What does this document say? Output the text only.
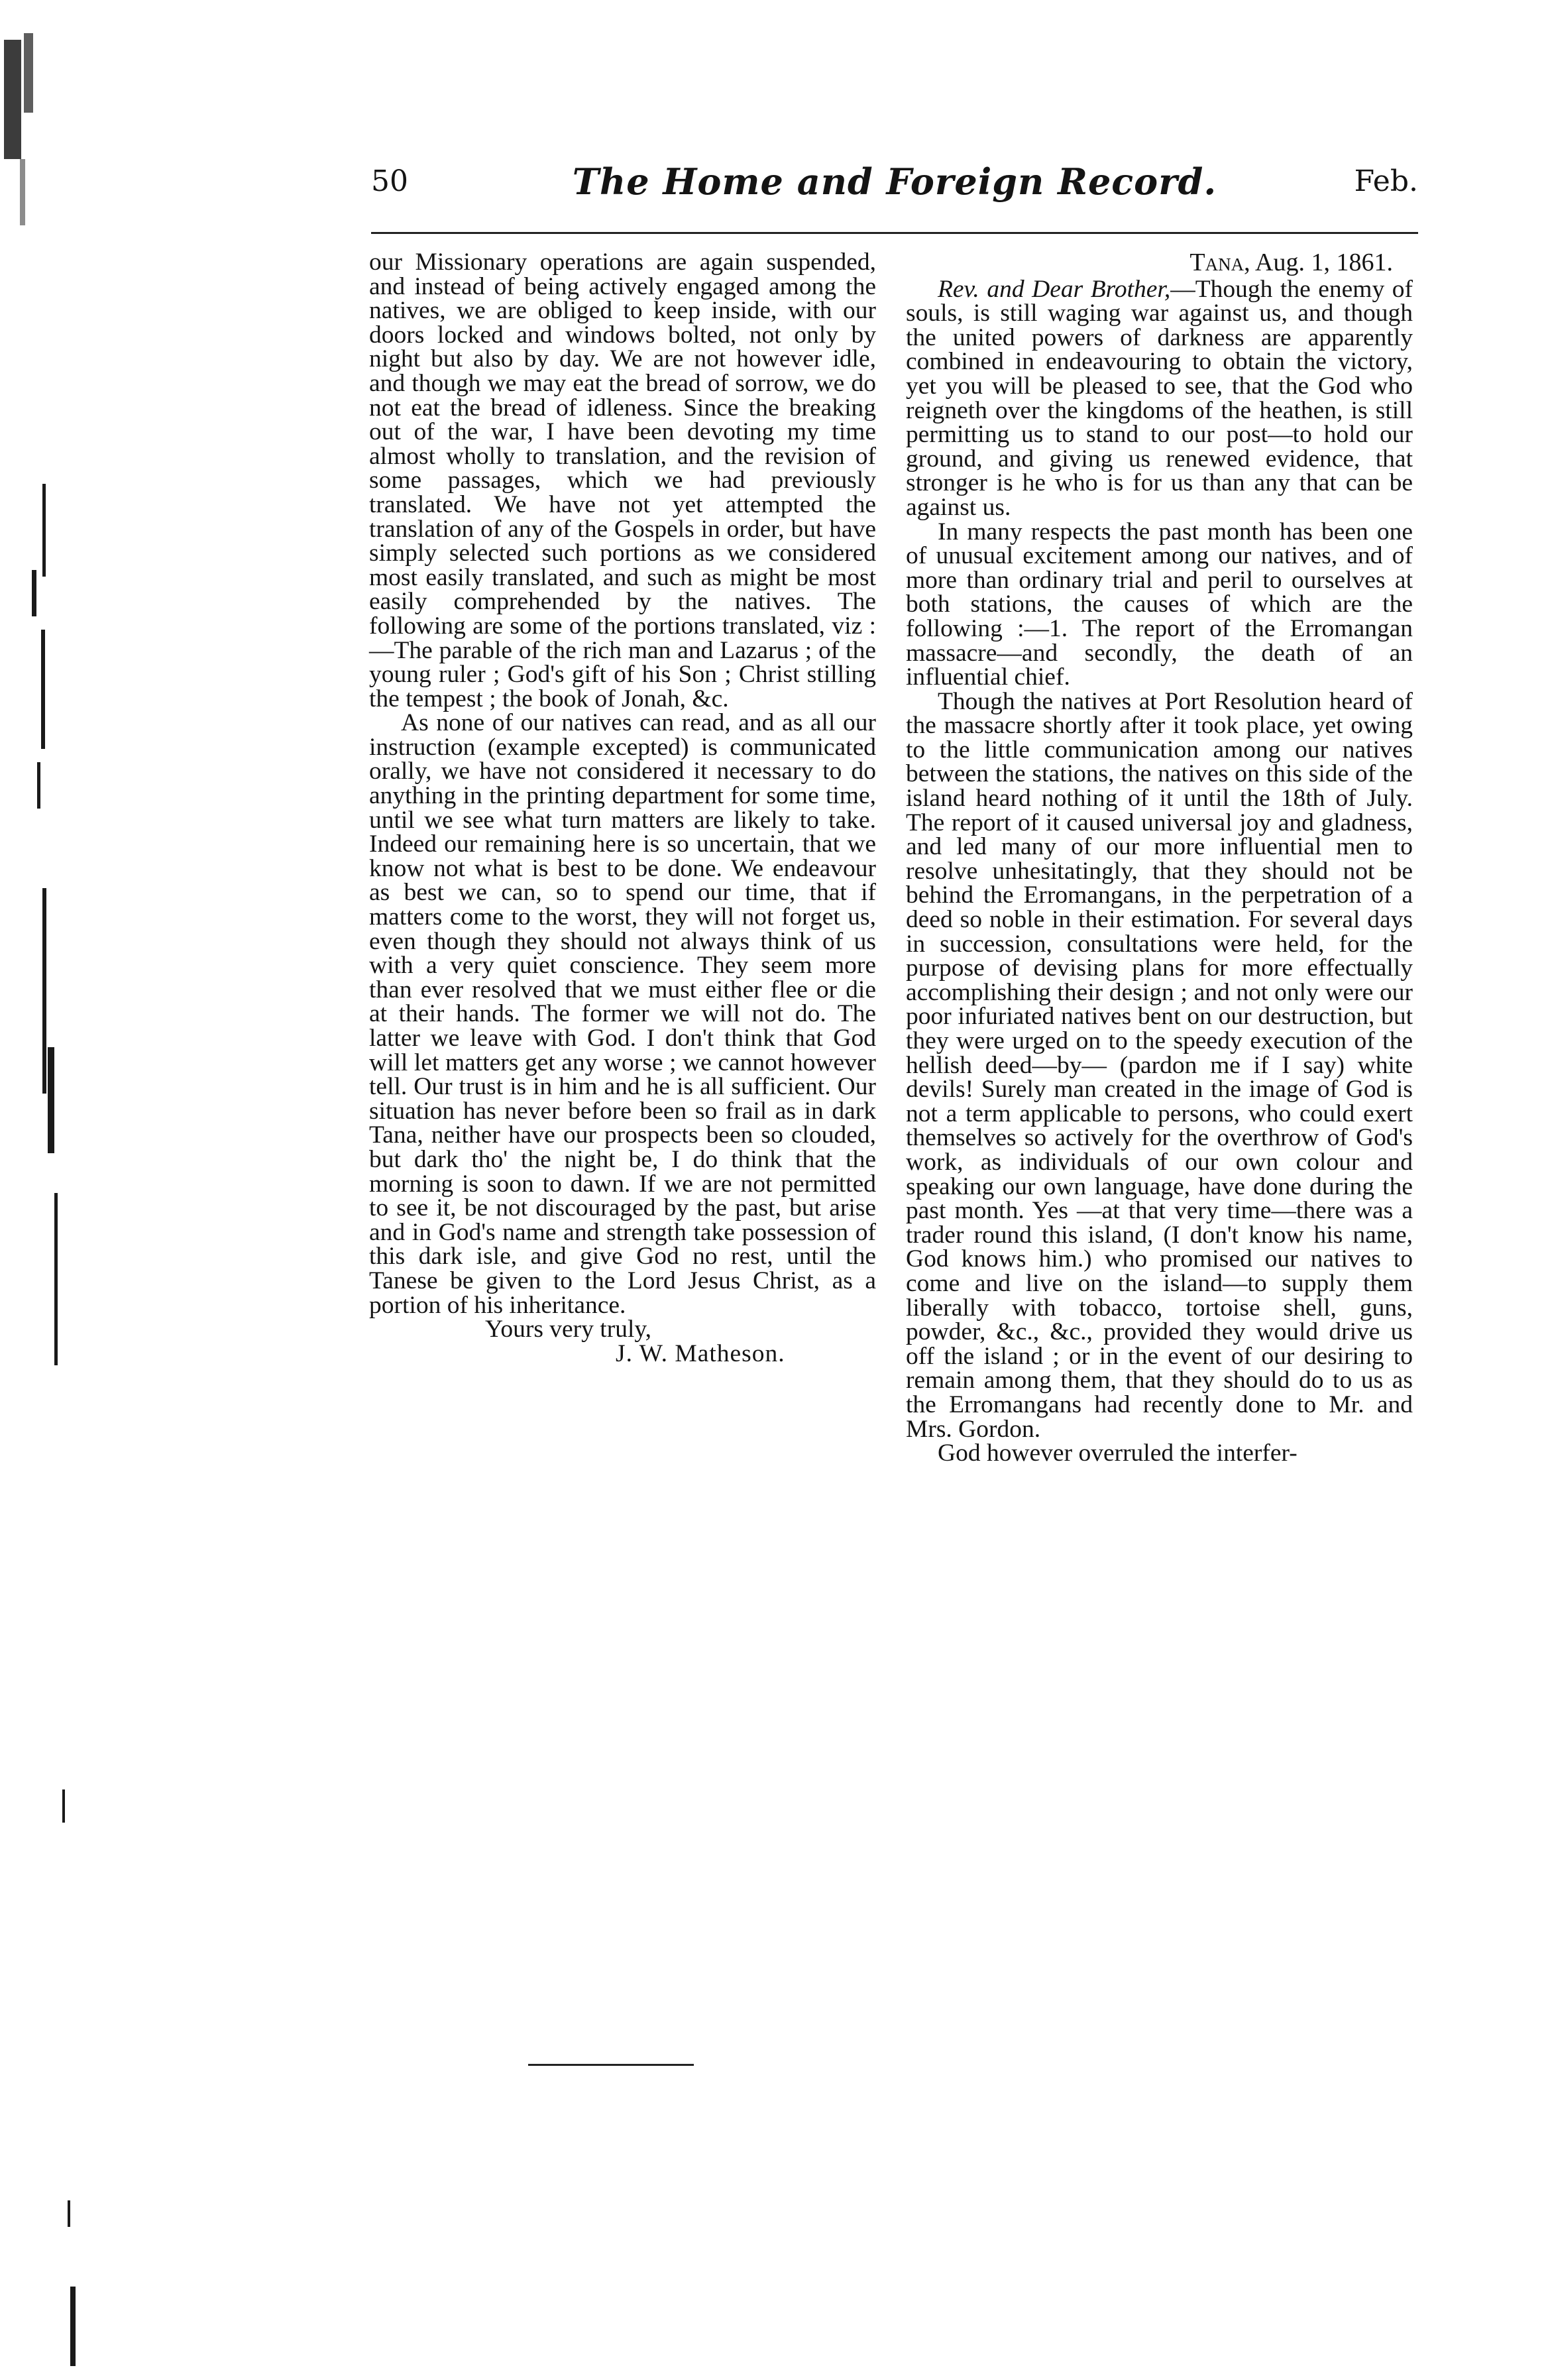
50	The Home and Foreign Record.	Feb.

our Missionary operations are again suspended, and instead of being actively engaged among the natives, we are obliged to keep inside, with our doors locked and windows bolted, not only by night but also by day. We are not however idle, and though we may eat the bread of sorrow, we do not eat the bread of idleness. Since the breaking out of the war, I have been devoting my time almost wholly to translation, and the revision of some passages, which we had previously translated. We have not yet attempted the translation of any of the Gospels in order, but have simply selected such portions as we considered most easily translated, and such as might be most easily comprehended by the natives. The following are some of the portions translated, viz :—The parable of the rich man and Lazarus ; of the young ruler ; God's gift of his Son ; Christ stilling the tempest ; the book of Jonah, &c.

As none of our natives can read, and as all our instruction (example excepted) is communicated orally, we have not considered it necessary to do anything in the printing department for some time, until we see what turn matters are likely to take. Indeed our remaining here is so uncertain, that we know not what is best to be done. We endeavour as best we can, so to spend our time, that if matters come to the worst, they will not forget us, even though they should not always think of us with a very quiet conscience. They seem more than ever resolved that we must either flee or die at their hands. The former we will not do. The latter we leave with God. I don't think that God will let matters get any worse ; we cannot however tell. Our trust is in him and he is all sufficient. Our situation has never before been so frail as in dark Tana, neither have our prospects been so clouded, but dark tho' the night be, I do think that the morning is soon to dawn. If we are not permitted to see it, be not discouraged by the past, but arise and in God's name and strength take possession of this dark isle, and give God no rest, until the Tanese be given to the Lord Jesus Christ, as a portion of his inheritance.

Yours very truly,

J. W. Matheson.

Tana, Aug. 1, 1861.

Rev. and Dear Brother,—Though the enemy of souls, is still waging war against us, and though the united powers of darkness are apparently combined in endeavouring to obtain the victory, yet you will be pleased to see, that the God who reigneth over the kingdoms of the heathen, is still permitting us to stand to our post—to hold our ground, and giving us renewed evidence, that stronger is he who is for us than any that can be against us.

In many respects the past month has been one of unusual excitement among our natives, and of more than ordinary trial and peril to ourselves at both stations, the causes of which are the following :—1. The report of the Erromangan massacre—and secondly, the death of an influential chief.

Though the natives at Port Resolution heard of the massacre shortly after it took place, yet owing to the little communication among our natives between the stations, the natives on this side of the island heard nothing of it until the 18th of July. The report of it caused universal joy and gladness, and led many of our more influential men to resolve unhesitatingly, that they should not be behind the Erromangans, in the perpetration of a deed so noble in their estimation. For several days in succession, consultations were held, for the purpose of devising plans for more effectually accomplishing their design ; and not only were our poor infuriated natives bent on our destruction, but they were urged on to the speedy execution of the hellish deed—by— (pardon me if I say) white devils! Surely man created in the image of God is not a term applicable to persons, who could exert themselves so actively for the overthrow of God's work, as individuals of our own colour and speaking our own language, have done during the past month. Yes —at that very time—there was a trader round this island, (I don't know his name, God knows him.) who promised our natives to come and live on the island—to supply them liberally with tobacco, tortoise shell, guns, powder, &c., &c., provided they would drive us off the island ; or in the event of our desiring to remain among them, that they should do to us as the Erromangans had recently done to Mr. and Mrs. Gordon.

God however overruled the interfer-
